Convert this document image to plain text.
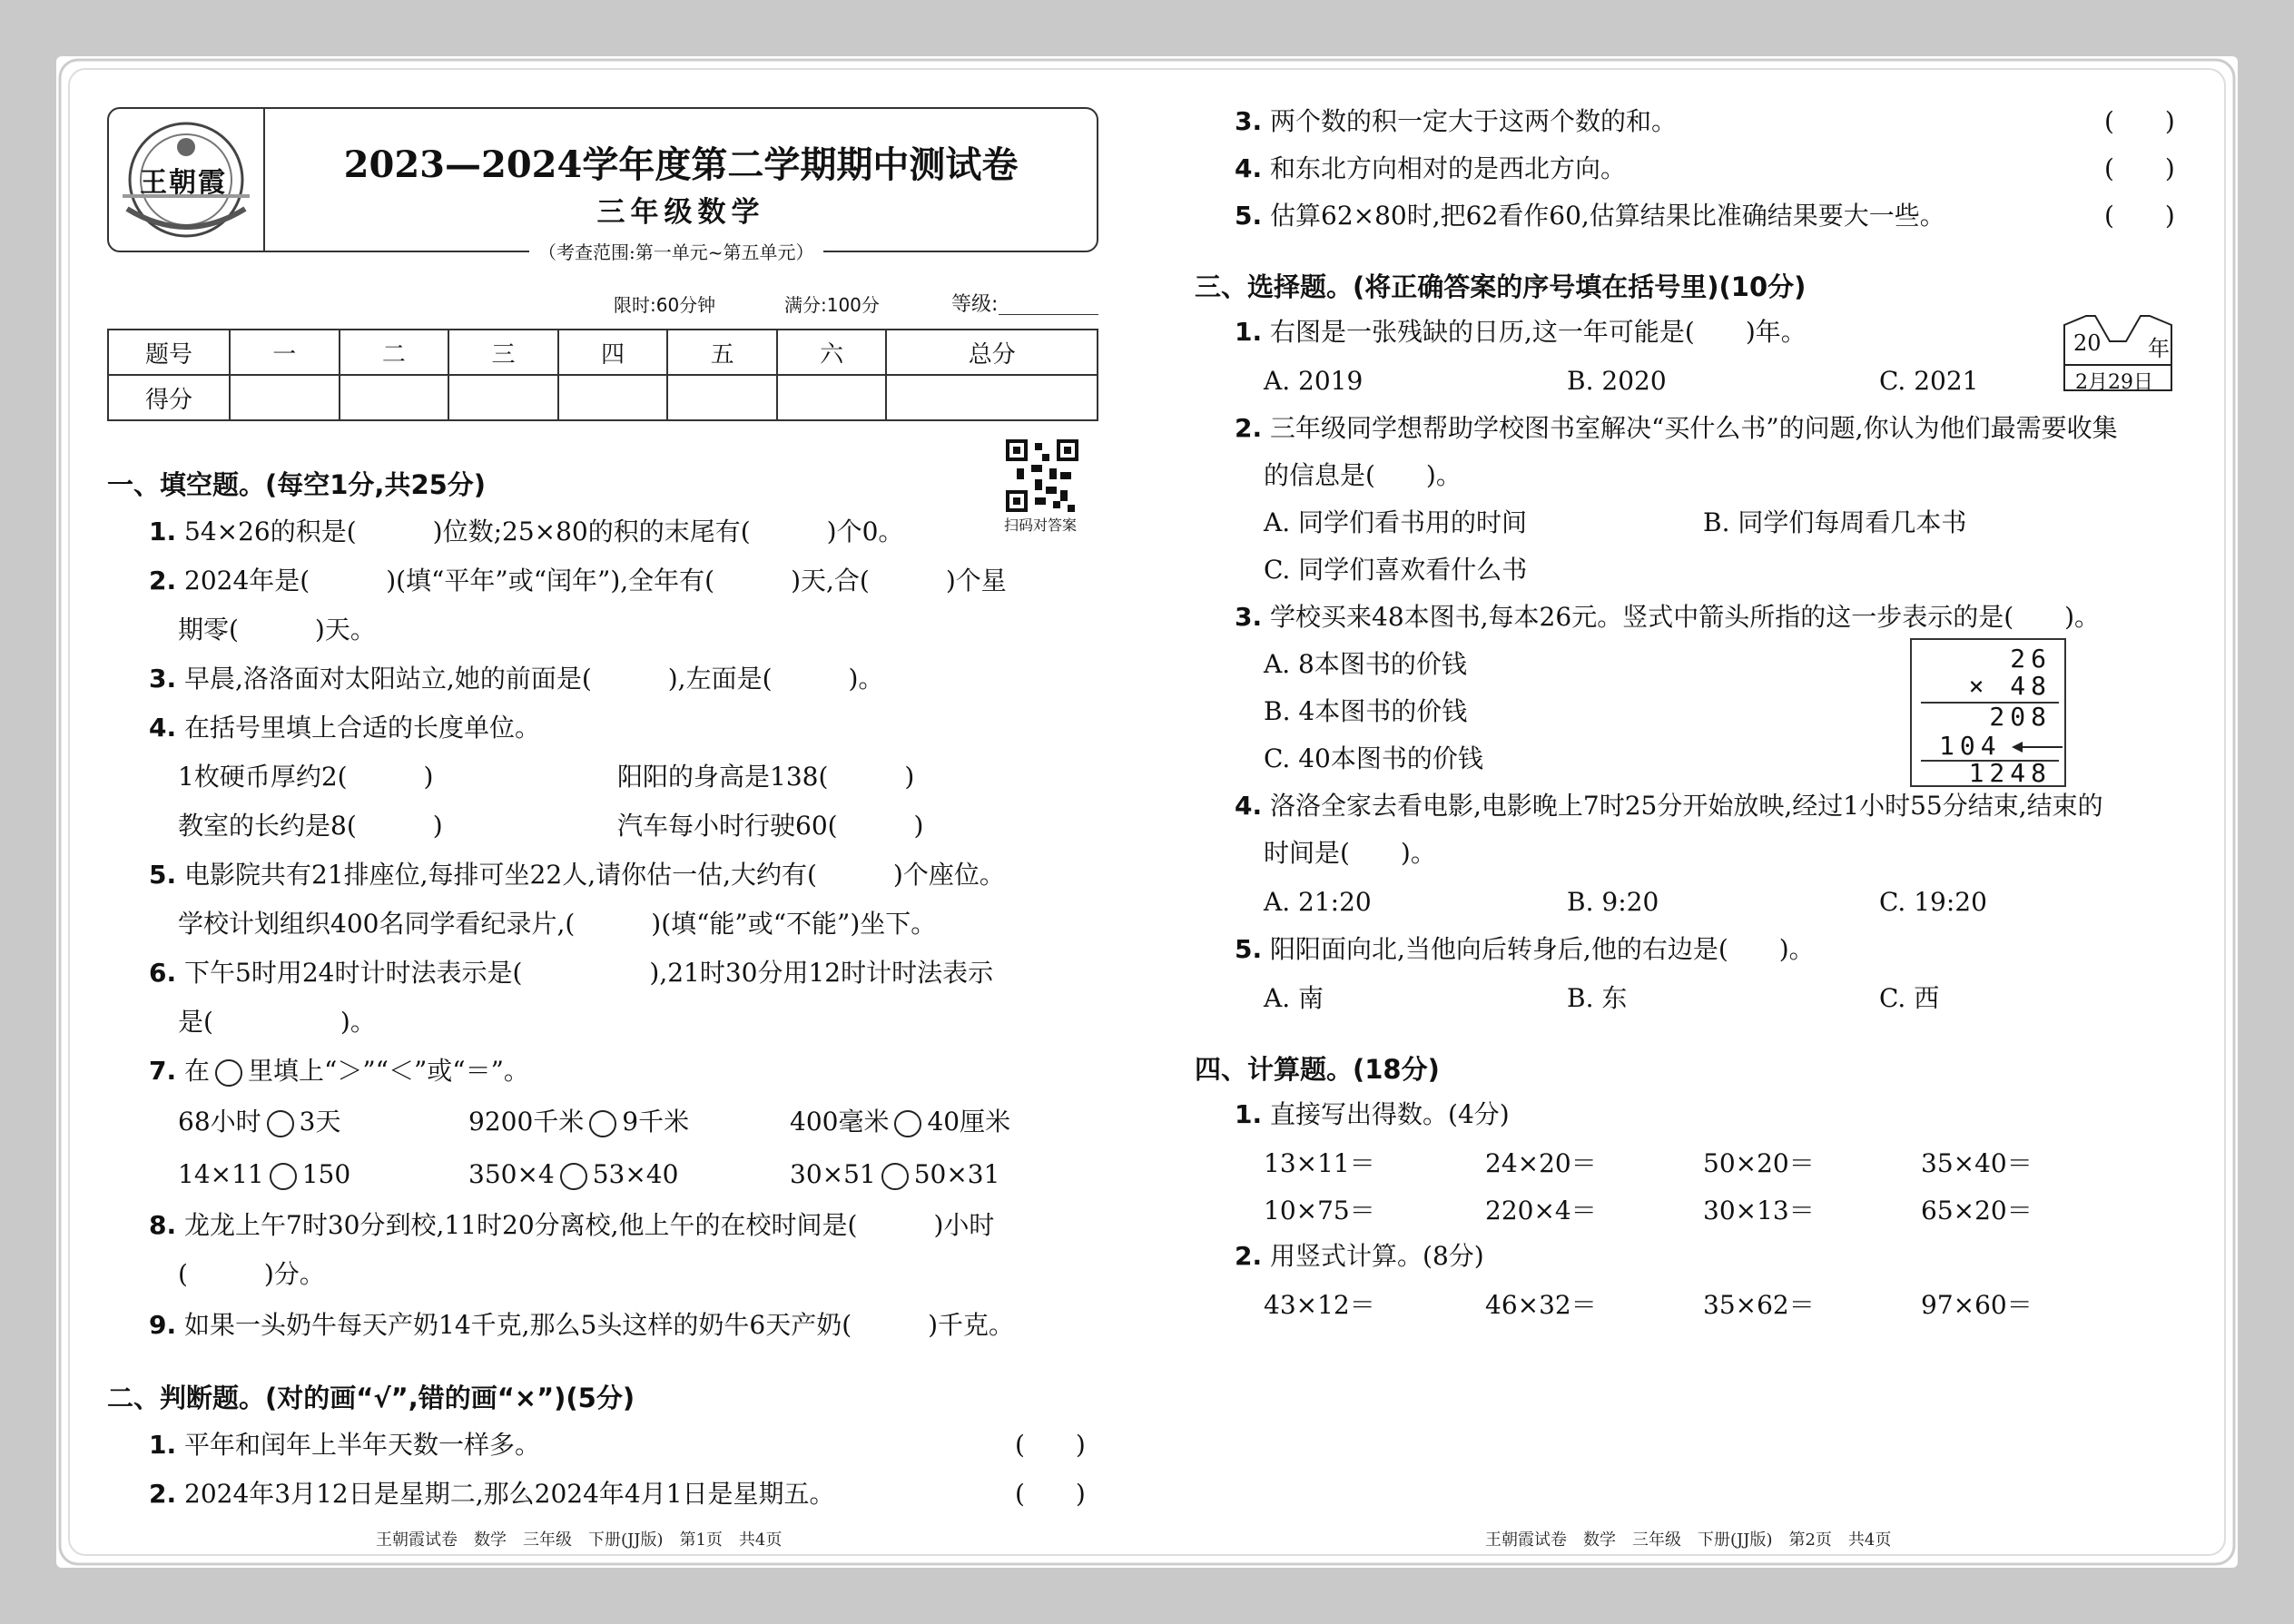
王朝霞	2023—2024学年度第二学期期中测试卷
三年级数学
（考查范围:第一单元~第五单元）
限时:60分钟	满分:100分	等级:
题号	一	二	三	四	五	六	总分
得分							
扫码对答案
一、填空题。(每空1分,共25分)
1. 54×26的积是(　　　)位数;25×80的积的末尾有(　　　)个0。
2. 2024年是(　　　)(填“平年”或“闰年”),全年有(　　　)天,合(　　　)个星
期零(　　　)天。
3. 早晨,洛洛面对太阳站立,她的前面是(　　　),左面是(　　　)。
4. 在括号里填上合适的长度单位。
1枚硬币厚约2(　　　)	阳阳的身高是138(　　　)
教室的长约是8(　　　)	汽车每小时行驶60(　　　)
5. 电影院共有21排座位,每排可坐22人,请你估一估,大约有(　　　)个座位。
学校计划组织400名同学看纪录片,(　　　)(填“能”或“不能”)坐下。
6. 下午5时用24时计时法表示是(　　　　　),21时30分用12时计时法表示
是(　　　　　)。
7. 在 里填上“＞”“＜”或“＝”。
68小时 3天	9200千米 9千米	400毫米 40厘米
14×11 150	350×4 53×40	30×51 50×31
8. 龙龙上午7时30分到校,11时20分离校,他上午的在校时间是(　　　)小时
(　　　)分。
9. 如果一头奶牛每天产奶14千克,那么5头这样的奶牛6天产奶(　　　)千克。
二、判断题。(对的画“√”,错的画“×”)(5分)
1. 平年和闰年上半年天数一样多。	(　　)
2. 2024年3月12日是星期二,那么2024年4月1日是星期五。	(　　)
王朝霞试卷　数学　三年级　下册(JJ版)　第1页　共4页
3. 两个数的积一定大于这两个数的和。	(　　)
4. 和东北方向相对的是西北方向。	(　　)
5. 估算62×80时,把62看作60,估算结果比准确结果要大一些。	(　　)
三、选择题。(将正确答案的序号填在括号里)(10分)
1. 右图是一张残缺的日历,这一年可能是(　　)年。
A. 2019	B. 2020	C. 2021
20 年
2月29日
2. 三年级同学想帮助学校图书室解决“买什么书”的问题,你认为他们最需要收集
的信息是(　　)。
A. 同学们看书用的时间	B. 同学们每周看几本书
C. 同学们喜欢看什么书
3. 学校买来48本图书,每本26元。竖式中箭头所指的这一步表示的是(　　)。
A. 8本图书的价钱
B. 4本图书的价钱
C. 40本图书的价钱
26
× 48
208
104
1248
4. 洛洛全家去看电影,电影晚上7时25分开始放映,经过1小时55分结束,结束的
时间是(　　)。
A. 21:20	B. 9:20	C. 19:20
5. 阳阳面向北,当他向后转身后,他的右边是(　　)。
A. 南	B. 东	C. 西
四、计算题。(18分)
1. 直接写出得数。(4分)
13×11＝	24×20＝	50×20＝	35×40＝
10×75＝	220×4＝	30×13＝	65×20＝
2. 用竖式计算。(8分)
43×12＝	46×32＝	35×62＝	97×60＝
王朝霞试卷　数学　三年级　下册(JJ版)　第2页　共4页
